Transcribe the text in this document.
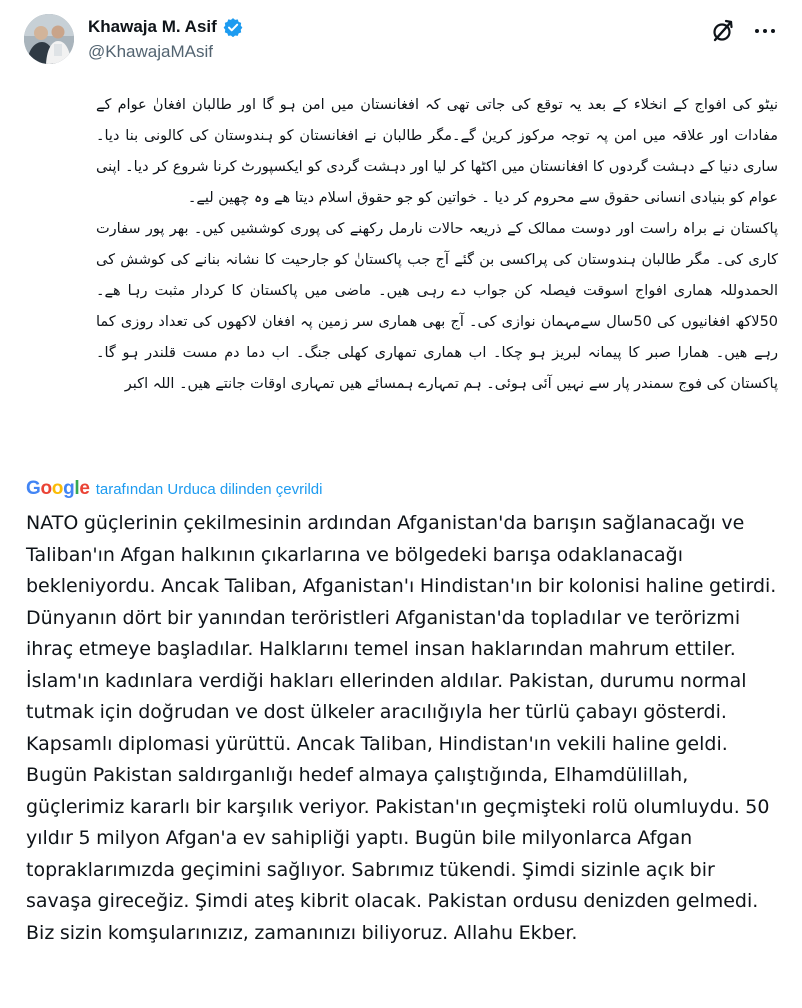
Khawaja M. Asif
@KhawajaMAsif

نیٹو کی افواج کے انخلاء کے بعد یہ توقع کی جاتی تھی کہ افغانستان میں امن ہو گا اور طالبان افغانٰ عوام کے مفادات اور علاقہ میں امن پہ توجہ مرکوز کریںٰ گے۔مگر طالبان نے افغانستان کو ہندوستان کی کالونی بنا دیا۔ ساری دنیا کے دہشت گردوں کا افغانستان میں اکٹھا کر لیا اور دہشت گردی کو ایکسپورٹ کرنا شروع کر دیا۔ اپنی عوام کو بنیادی انسانی حقوق سے محروم کر دیا ۔ خواتین کو جو حقوق اسلام دیتا ھے وہ چھین لیے۔

پاکستان نے براہ راست اور دوست ممالک کے ذریعہ حالات نارمل رکھنے کی پوری کوششیں کیں۔ بھر پور سفارت کاری کی۔ مگر طالبان ہندوستان کی پراکسی بن گئے آج جب پاکستانٰ کو جارحیت کا نشانہ بنانے کی کوشش کی الحمدوللہ ھماری افواج اسوقت فیصلہ کن جواب دے رہی ھیں۔ ماضی میں پاکستان کا کردار مثبت رہا ھے۔ 50لاکھ افغانیوں کی 50سال سےمہمان نوازی کی۔ آج بھی ھماری سر زمین پہ افغان لاکھوں کی تعداد روزی کما رہے ھیں۔ ھمارا صبر کا پیمانہ لبریز ہو چکا۔ اب ھماری تمھاری کھلی جنگ۔ اب دما دم مست قلندر ہو گا۔ پاکستان کی فوج سمندر پار سے نہیں آئی ہوئی۔ ہم تمہارے ہمسائے ھیں تمہاری اوقات جانتے ھیں۔ اللہ اکبر

Google tarafından Urduca dilinden çevrildi
NATO güçlerinin çekilmesinin ardından Afganistan'da barışın sağlanacağı ve Taliban'ın Afgan halkının çıkarlarına ve bölgedeki barışa odaklanacağı bekleniyordu. Ancak Taliban, Afganistan'ı Hindistan'ın bir kolonisi haline getirdi. Dünyanın dört bir yanından teröristleri Afganistan'da topladılar ve terörizmi ihraç etmeye başladılar. Halklarını temel insan haklarından mahrum ettiler. İslam'ın kadınlara verdiği hakları ellerinden aldılar. Pakistan, durumu normal tutmak için doğrudan ve dost ülkeler aracılığıyla her türlü çabayı gösterdi. Kapsamlı diplomasi yürüttü. Ancak Taliban, Hindistan'ın vekili haline geldi. Bugün Pakistan saldırganlığı hedef almaya çalıştığında, Elhamdülillah, güçlerimiz kararlı bir karşılık veriyor. Pakistan'ın geçmişteki rolü olumluydu. 50 yıldır 5 milyon Afgan'a ev sahipliği yaptı. Bugün bile milyonlarca Afgan topraklarımızda geçimini sağlıyor. Sabrımız tükendi. Şimdi sizinle açık bir savaşa gireceğiz. Şimdi ateş kibrit olacak. Pakistan ordusu denizden gelmedi. Biz sizin komşularınızız, zamanınızı biliyoruz. Allahu Ekber.
